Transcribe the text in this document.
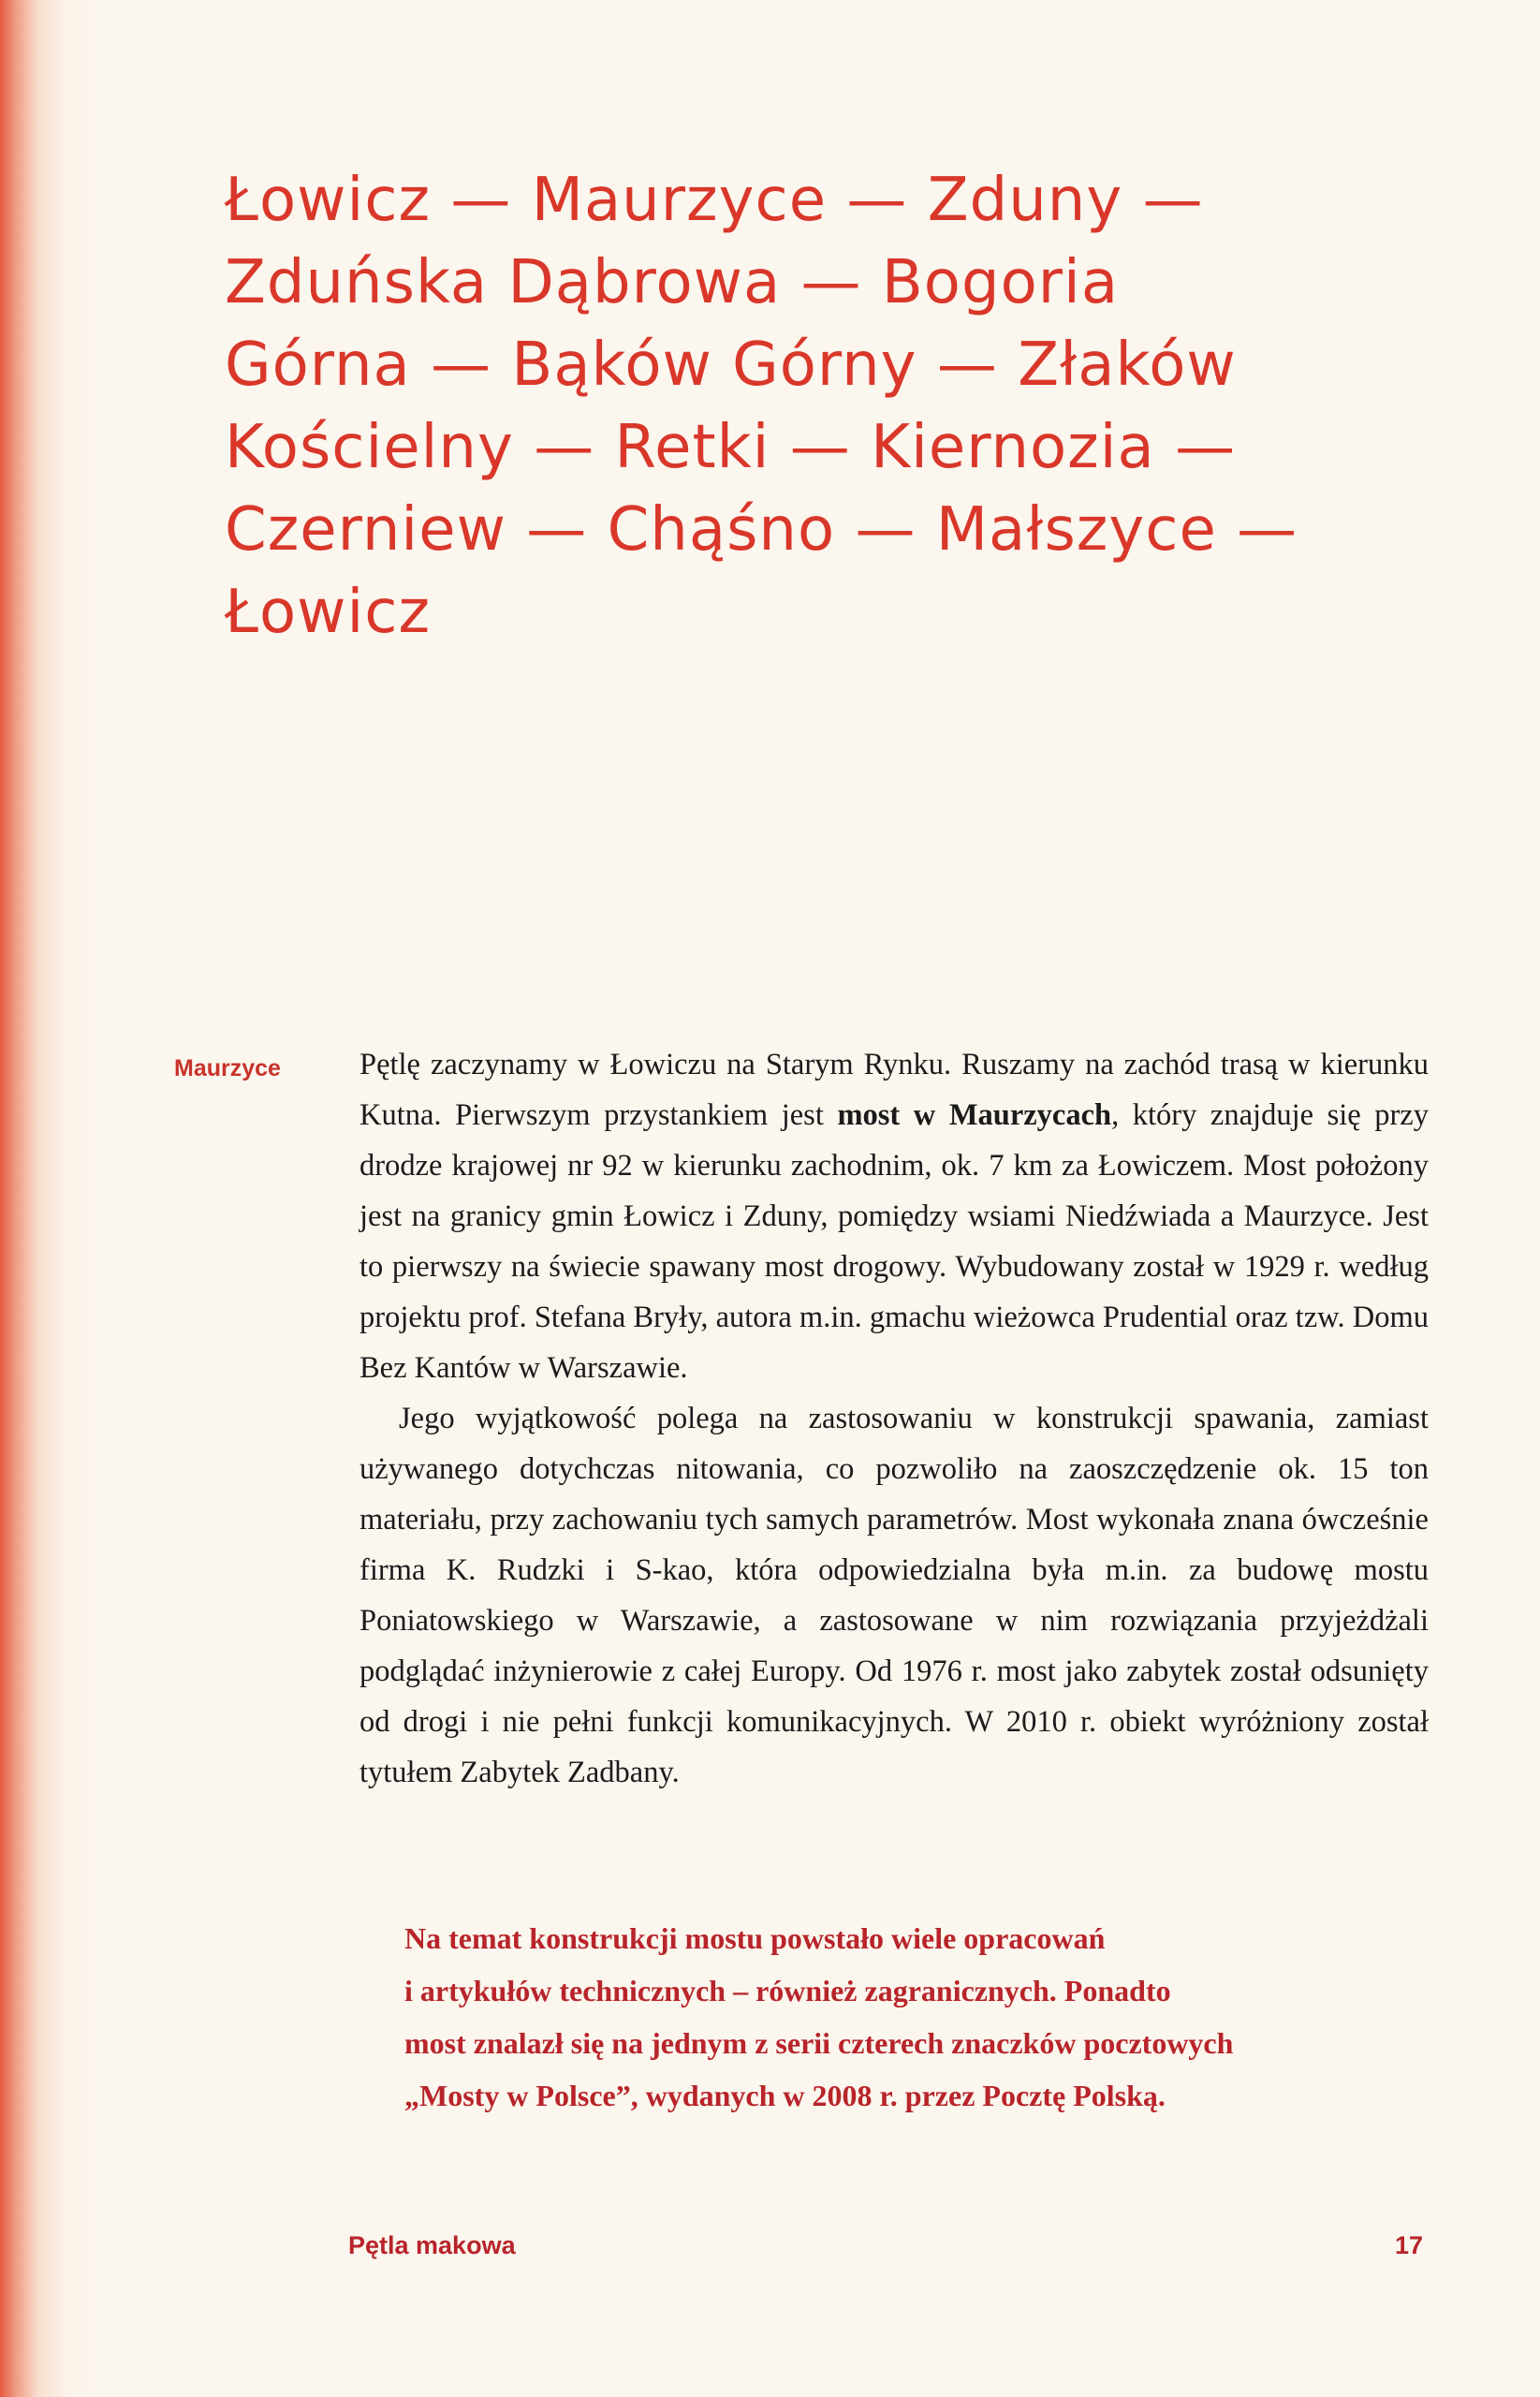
Łowicz — Maurzyce — Zduny —
Zduńska Dąbrowa — Bogoria
Górna — Bąków Górny — Złaków
Kościelny — Retki — Kiernozia —
Czerniew — Chąśno — Małszyce —
Łowicz
Maurzyce	Pętlę zaczynamy w Łowiczu na Starym Rynku. Ruszamy na zachód trasą w kierunku Kutna. Pierwszym przystankiem jest most w Maurzycach, który znajduje się przy drodze krajowej nr 92 w kierunku zachodnim, ok. 7 km za Łowiczem. Most położony jest na granicy gmin Łowicz i Zduny, pomiędzy wsiami Niedźwiada a Maurzyce. Jest to pierwszy na świecie spawany most drogowy. Wybudowany został w 1929 r. według projektu prof. Stefana Bryły, autora m.in. gmachu wieżowca Prudential oraz tzw. Domu Bez Kantów w Warszawie.

Jego wyjątkowość polega na zastosowaniu w konstrukcji spawania, zamiast używanego dotychczas nitowania, co pozwoliło na zaoszczędzenie ok. 15 ton materiału, przy zachowaniu tych samych parametrów. Most wykonała znana ówcześnie firma K. Rudzki i S-kao, która odpowiedzialna była m.in. za budowę mostu Poniatowskiego w Warszawie, a zastosowane w nim rozwiązania przyjeżdżali podglądać inżynierowie z całej Europy. Od 1976 r. most jako zabytek został odsunięty od drogi i nie pełni funkcji komunikacyjnych. W 2010 r. obiekt wyróżniony został tytułem Zabytek Zadbany.

Na temat konstrukcji mostu powstało wiele opracowań
i artykułów technicznych – również zagranicznych. Ponadto
most znalazł się na jednym z serii czterech znaczków pocztowych
„Mosty w Polsce”, wydanych w 2008 r. przez Pocztę Polską.
Pętla makowa	17
